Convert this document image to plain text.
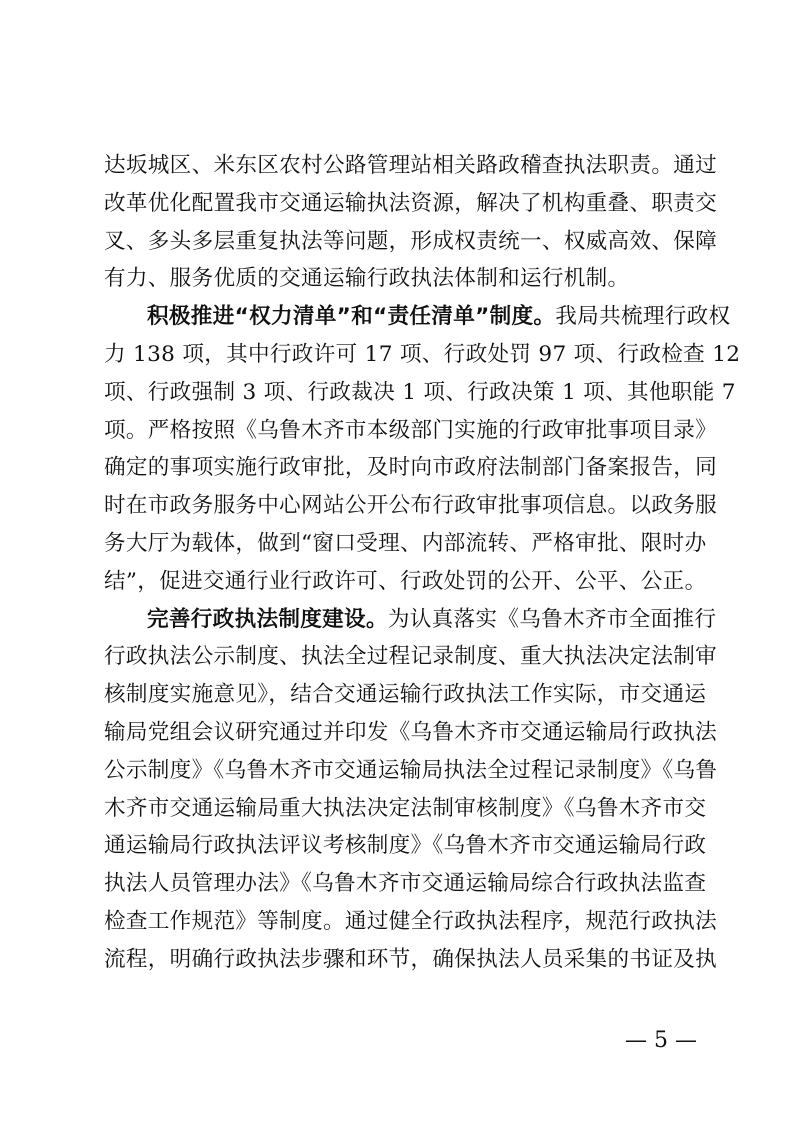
达坂城区、米东区农村公路管理站相关路政稽查执法职责。通过
改革优化配置我市交通运输执法资源，解决了机构重叠、职责交
叉、多头多层重复执法等问题，形成权责统一、权威高效、保障
有力、服务优质的交通运输行政执法体制和运行机制。
积极推进“权力清单”和“责任清单”制度。我局共梳理行政权
力 138 项，其中行政许可 17 项、行政处罚 97 项、行政检查 12
项、行政强制 3 项、行政裁决 1 项、行政决策 1 项、其他职能 7
项。严格按照《乌鲁木齐市本级部门实施的行政审批事项目录》
确定的事项实施行政审批，及时向市政府法制部门备案报告，同
时在市政务服务中心网站公开公布行政审批事项信息。以政务服
务大厅为载体，做到“窗口受理、内部流转、严格审批、限时办
结”，促进交通行业行政许可、行政处罚的公开、公平、公正。
完善行政执法制度建设。为认真落实《乌鲁木齐市全面推行
行政执法公示制度、执法全过程记录制度、重大执法决定法制审
核制度实施意见》，结合交通运输行政执法工作实际，市交通运
输局党组会议研究通过并印发《乌鲁木齐市交通运输局行政执法
公示制度》《乌鲁木齐市交通运输局执法全过程记录制度》《乌鲁
木齐市交通运输局重大执法决定法制审核制度》《乌鲁木齐市交
通运输局行政执法评议考核制度》《乌鲁木齐市交通运输局行政
执法人员管理办法》《乌鲁木齐市交通运输局综合行政执法监查
检查工作规范》等制度。通过健全行政执法程序，规范行政执法
流程，明确行政执法步骤和环节，确保执法人员采集的书证及执
— 5 —
